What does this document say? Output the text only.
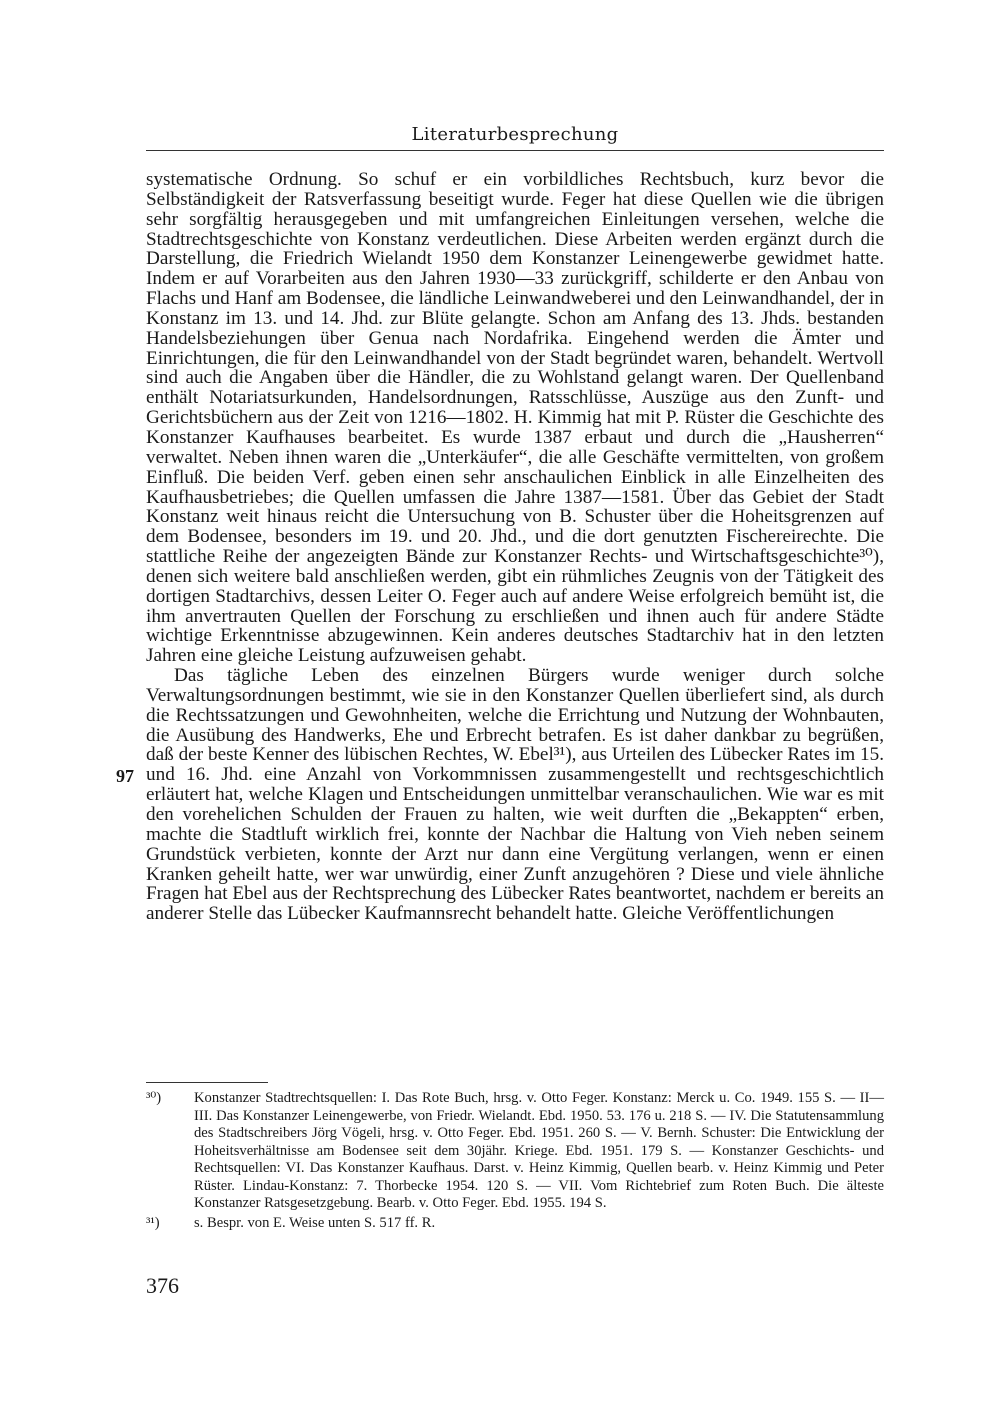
Literaturbesprechung

systematische Ordnung. So schuf er ein vorbildliches Rechtsbuch, kurz bevor die Selbständigkeit der Ratsverfassung beseitigt wurde. Feger hat diese Quellen wie die übrigen sehr sorgfältig herausgegeben und mit umfangreichen Einleitungen versehen, welche die Stadtrechtsgeschichte von Konstanz verdeutlichen. Diese Arbeiten werden ergänzt durch die Darstellung, die Friedrich Wielandt 1950 dem Konstanzer Leinengewerbe gewidmet hatte. Indem er auf Vorarbeiten aus den Jahren 1930—33 zurückgriff, schilderte er den Anbau von Flachs und Hanf am Bodensee, die ländliche Leinwandweberei und den Leinwandhandel, der in Konstanz im 13. und 14. Jhd. zur Blüte gelangte. Schon am Anfang des 13. Jhds. bestanden Handelsbeziehungen über Genua nach Nordafrika. Eingehend werden die Ämter und Einrichtungen, die für den Leinwandhandel von der Stadt begründet waren, behandelt. Wertvoll sind auch die Angaben über die Händler, die zu Wohlstand gelangt waren. Der Quellenband enthält Notariatsurkunden, Handelsordnungen, Ratsschlüsse, Auszüge aus den Zunft- und Gerichtsbüchern aus der Zeit von 1216—1802. H. Kimmig hat mit P. Rüster die Geschichte des Konstanzer Kaufhauses bearbeitet. Es wurde 1387 erbaut und durch die „Hausherren“ verwaltet. Neben ihnen waren die „Unterkäufer“, die alle Geschäfte vermittelten, von großem Einfluß. Die beiden Verf. geben einen sehr anschaulichen Einblick in alle Einzelheiten des Kaufhausbetriebes; die Quellen umfassen die Jahre 1387—1581. Über das Gebiet der Stadt Konstanz weit hinaus reicht die Untersuchung von B. Schuster über die Hoheitsgrenzen auf dem Bodensee, besonders im 19. und 20. Jhd., und die dort genutzten Fischereirechte. Die stattliche Reihe der angezeigten Bände zur Konstanzer Rechts- und Wirtschaftsgeschichte³⁰), denen sich weitere bald anschließen werden, gibt ein rühmliches Zeugnis von der Tätigkeit des dortigen Stadtarchivs, dessen Leiter O. Feger auch auf andere Weise erfolgreich bemüht ist, die ihm anvertrauten Quellen der Forschung zu erschließen und ihnen auch für andere Städte wichtige Erkenntnisse abzugewinnen. Kein anderes deutsches Stadtarchiv hat in den letzten Jahren eine gleiche Leistung aufzuweisen gehabt.

Das tägliche Leben des einzelnen Bürgers wurde weniger durch solche Verwaltungsordnungen bestimmt, wie sie in den Konstanzer Quellen überliefert sind, als durch die Rechtssatzungen und Gewohnheiten, welche die Errichtung und Nutzung der Wohnbauten, die Ausübung des Handwerks, Ehe und Erbrecht betrafen. Es ist daher dankbar zu begrüßen, daß der beste Kenner des lübischen Rechtes, W. Ebel³¹), aus Urteilen des Lübecker Rates im 15. und 16. Jhd. eine Anzahl von Vorkommnissen zusammengestellt und rechtsgeschichtlich erläutert hat, welche Klagen und Entscheidungen unmittelbar veranschaulichen. Wie war es mit den vorehelichen Schulden der Frauen zu halten, wie weit durften die „Bekappten“ erben, machte die Stadtluft wirklich frei, konnte der Nachbar die Haltung von Vieh neben seinem Grundstück verbieten, konnte der Arzt nur dann eine Vergütung verlangen, wenn er einen Kranken geheilt hatte, wer war unwürdig, einer Zunft anzugehören ? Diese und viele ähnliche Fragen hat Ebel aus der Rechtsprechung des Lübecker Rates beantwortet, nachdem er bereits an anderer Stelle das Lübecker Kaufmannsrecht behandelt hatte. Gleiche Veröffentlichungen

97
³⁰)	Konstanzer Stadtrechtsquellen: I. Das Rote Buch, hrsg. v. Otto Feger. Konstanz: Merck u. Co. 1949. 155 S. — II—III. Das Konstanzer Leinengewerbe, von Friedr. Wielandt. Ebd. 1950. 53. 176 u. 218 S. — IV. Die Statutensammlung des Stadtschreibers Jörg Vögeli, hrsg. v. Otto Feger. Ebd. 1951. 260 S. — V. Bernh. Schuster: Die Entwicklung der Hoheitsverhältnisse am Bodensee seit dem 30jähr. Kriege. Ebd. 1951. 179 S. — Konstanzer Geschichts- und Rechtsquellen: VI. Das Konstanzer Kaufhaus. Darst. v. Heinz Kimmig, Quellen bearb. v. Heinz Kimmig und Peter Rüster. Lindau-Konstanz: 7. Thorbecke 1954. 120 S. — VII. Vom Richtebrief zum Roten Buch. Die älteste Konstanzer Ratsgesetzgebung. Bearb. v. Otto Feger. Ebd. 1955. 194 S.
³¹)	s. Bespr. von E. Weise unten S. 517 ff. R.
376
